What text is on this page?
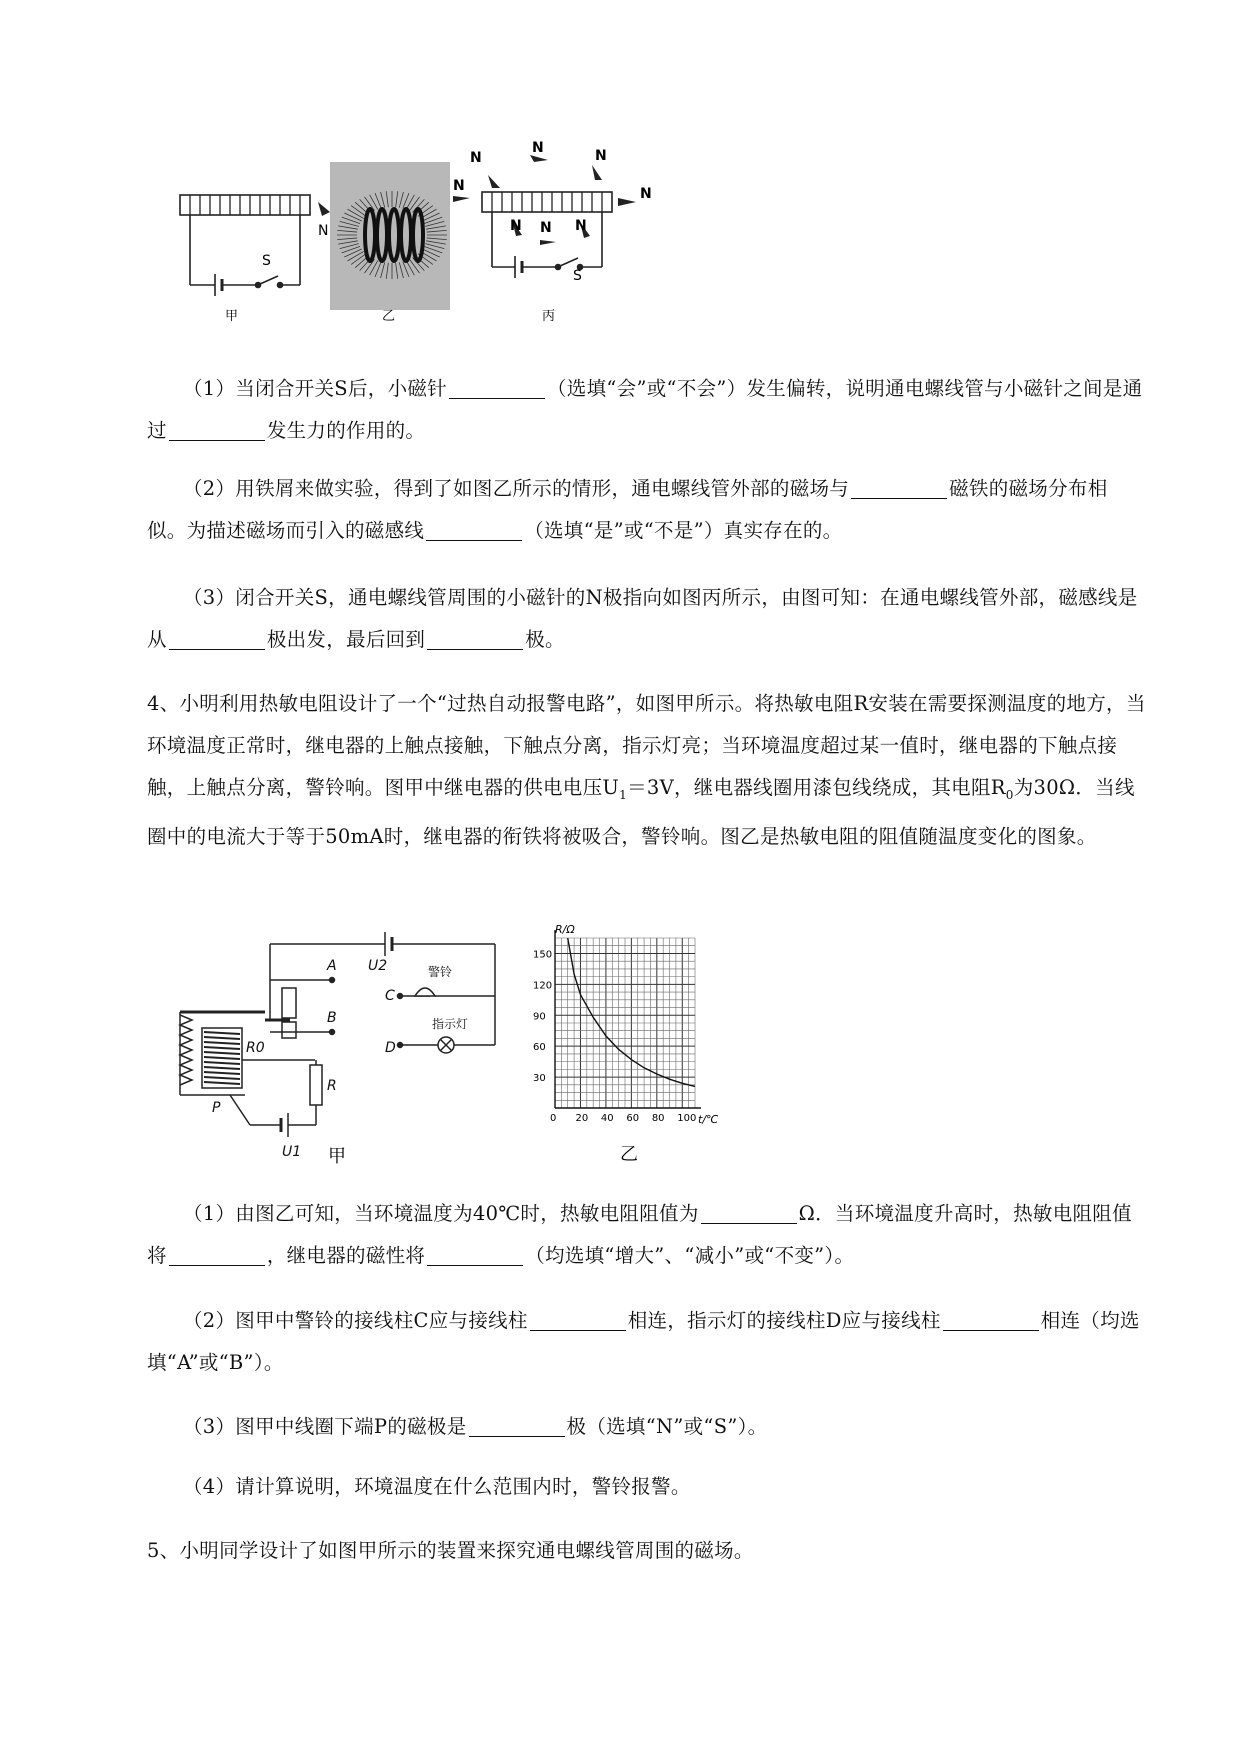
N
S
甲	乙
N
N
N	N
N
N N N
S
丙
（1）当闭合开关S后，小磁针	（选填“会”或“不会”）发生偏转，说明通电螺线管与小磁针之间是通过	发生力的作用的。
（2）用铁屑来做实验，得到了如图乙所示的情形，通电螺线管外部的磁场与	磁铁的磁场分布相似。为描述磁场而引入的磁感线	（选填“是”或“不是”）真实存在的。
（3）闭合开关S，通电螺线管周围的小磁针的N极指向如图丙所示，由图可知：在通电螺线管外部，磁感线是从	极出发，最后回到	极。
4、小明利用热敏电阻设计了一个“过热自动报警电路”，如图甲所示。将热敏电阻R安装在需要探测温度的地方，当环境温度正常时，继电器的上触点接触，下触点分离，指示灯亮；当环境温度超过某一值时，继电器的下触点接触，上触点分离，警铃响。图甲中继电器的供电电压$U_1=3V$，继电器线圈用漆包线绕成，其电阻$R_0$为30Ω．当线圈中的电流大于等于50mA时，继电器的衔铁将被吸合，警铃响。图乙是热敏电阻的阻值随温度变化的图象。
U2
A
B
C
D
R0
R
P
U1
警铃
指示灯
甲
0 20 40 60 80 100
30
60
90
120
150
R/Ω
t/℃
乙
（1）由图乙可知，当环境温度为40℃时，热敏电阻阻值为	Ω．当环境温度升高时，热敏电阻阻值将	，继电器的磁性将	（均选填“增大”、“减小”或“不变”）。
（2）图甲中警铃的接线柱C应与接线柱	相连，指示灯的接线柱D应与接线柱	相连（均选填“A”或“B”）。
（3）图甲中线圈下端P的磁极是	极（选填“N”或“S”）。
（4）请计算说明，环境温度在什么范围内时，警铃报警。
5、小明同学设计了如图甲所示的装置来探究通电螺线管周围的磁场。
